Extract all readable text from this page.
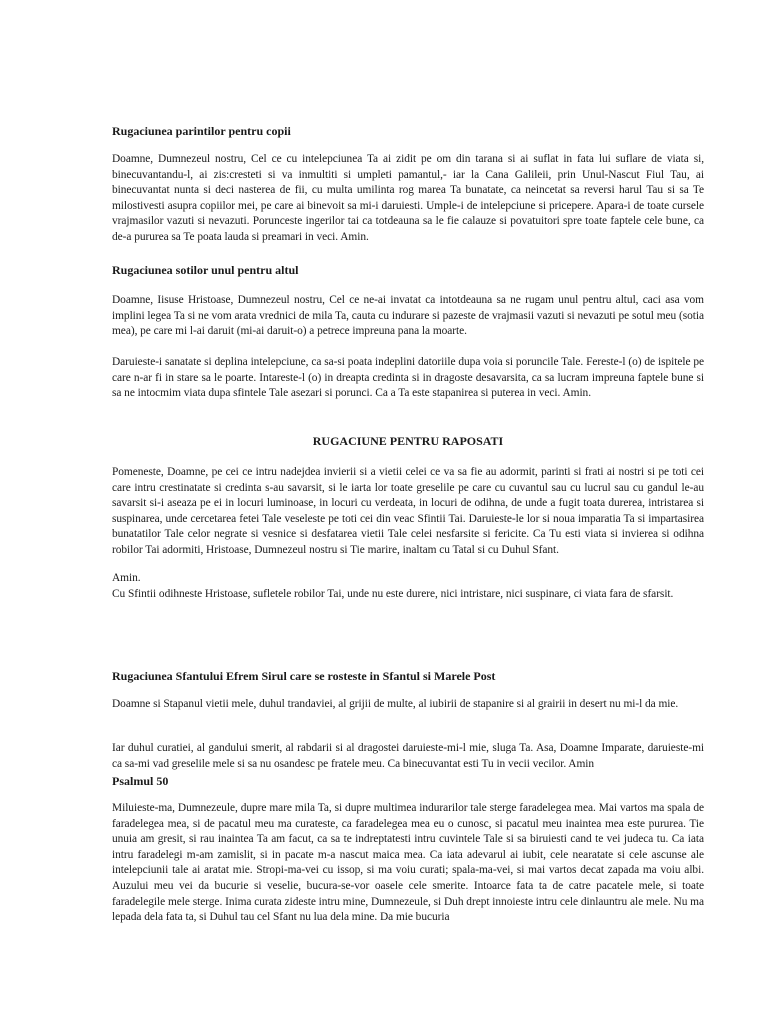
Rugaciunea parintilor pentru copii

Doamne, Dumnezeul nostru, Cel ce cu intelepciunea Ta ai zidit pe om din tarana si ai suflat in fata lui suflare de viata si, binecuvantandu-l, ai zis:cresteti si va inmultiti si umpleti pamantul,- iar la Cana Galileii, prin Unul-Nascut Fiul Tau, ai binecuvantat nunta si deci nasterea de fii, cu multa umilinta rog marea Ta bunatate, ca neincetat sa reversi harul Tau si sa Te milostivesti asupra copiilor mei, pe care ai binevoit sa mi-i daruiesti. Umple-i de intelepciune si pricepere. Apara-i de toate cursele vrajmasilor vazuti si nevazuti. Porunceste ingerilor tai ca totdeauna sa le fie calauze si povatuitori spre toate faptele cele bune, ca de-a pururea sa Te poata lauda si preamari in veci. Amin.

Rugaciunea sotilor unul pentru altul

Doamne, Iisuse Hristoase, Dumnezeul nostru, Cel ce ne-ai invatat ca intotdeauna sa ne rugam unul pentru altul, caci asa vom implini legea Ta si ne vom arata vrednici de mila Ta, cauta cu indurare si pazeste de vrajmasii vazuti si nevazuti pe sotul meu (sotia mea), pe care mi l-ai daruit (mi-ai daruit-o) a petrece impreuna pana la moarte.

Daruieste-i sanatate si deplina intelepciune, ca sa-si poata indeplini datoriile dupa voia si poruncile Tale. Fereste-l (o) de ispitele pe care n-ar fi in stare sa le poarte. Intareste-l (o) in dreapta credinta si in dragoste desavarsita, ca sa lucram impreuna faptele bune si sa ne intocmim viata dupa sfintele Tale asezari si porunci. Ca a Ta este stapanirea si puterea in veci. Amin.

RUGACIUNE PENTRU RAPOSATI

Pomeneste, Doamne, pe cei ce intru nadejdea invierii si a vietii celei ce va sa fie au adormit, parinti si frati ai nostri si pe toti cei care intru crestinatate si credinta s-au savarsit, si le iarta lor toate greselile pe care cu cuvantul sau cu lucrul sau cu gandul le-au savarsit si-i aseaza pe ei in locuri luminoase, in locuri cu verdeata, in locuri de odihna, de unde a fugit toata durerea, intristarea si suspinarea, unde cercetarea fetei Tale veseleste pe toti cei din veac Sfintii Tai. Daruieste-le lor si noua imparatia Ta si impartasirea bunatatilor Tale celor negrate si vesnice si desfatarea vietii Tale celei nesfarsite si fericite. Ca Tu esti viata si invierea si odihna robilor Tai adormiti, Hristoase, Dumnezeul nostru si Tie marire, inaltam cu Tatal si cu Duhul Sfant.

Amin.

Cu Sfintii odihneste Hristoase, sufletele robilor Tai, unde nu este durere, nici intristare, nici suspinare, ci viata fara de sfarsit.

Rugaciunea Sfantului Efrem Sirul care se rosteste in Sfantul si Marele Post

Doamne si Stapanul vietii mele, duhul trandaviei, al grijii de multe, al iubirii de stapanire si al grairii in desert nu mi-l da mie.

Iar duhul curatiei, al gandului smerit, al rabdarii si al dragostei daruieste-mi-l mie, sluga Ta. Asa, Doamne Imparate, daruieste-mi ca sa-mi vad greselile mele si sa nu osandesc pe fratele meu. Ca binecuvantat esti Tu in vecii vecilor. Amin

Psalmul 50

Miluieste-ma, Dumnezeule, dupre mare mila Ta, si dupre multimea indurarilor tale sterge faradelegea mea. Mai vartos ma spala de faradelegea mea, si de pacatul meu ma curateste, ca faradelegea mea eu o cunosc, si pacatul meu inaintea mea este pururea. Tie unuia am gresit, si rau inaintea Ta am facut, ca sa te indreptatesti intru cuvintele Tale si sa biruiesti cand te vei judeca tu. Ca iata intru faradelegi m-am zamislit, si in pacate m-a nascut maica mea. Ca iata adevarul ai iubit, cele nearatate si cele ascunse ale intelepciunii tale ai aratat mie. Stropi-ma-vei cu issop, si ma voiu curati; spala-ma-vei, si mai vartos decat zapada ma voiu albi. Auzului meu vei da bucurie si veselie, bucura-se-vor oasele cele smerite. Intoarce fata ta de catre pacatele mele, si toate faradelegile mele sterge. Inima curata zideste intru mine, Dumnezeule, si Duh drept innoieste intru cele dinlauntru ale mele. Nu ma lepada dela fata ta, si Duhul tau cel Sfant nu lua dela mine. Da mie bucuria
